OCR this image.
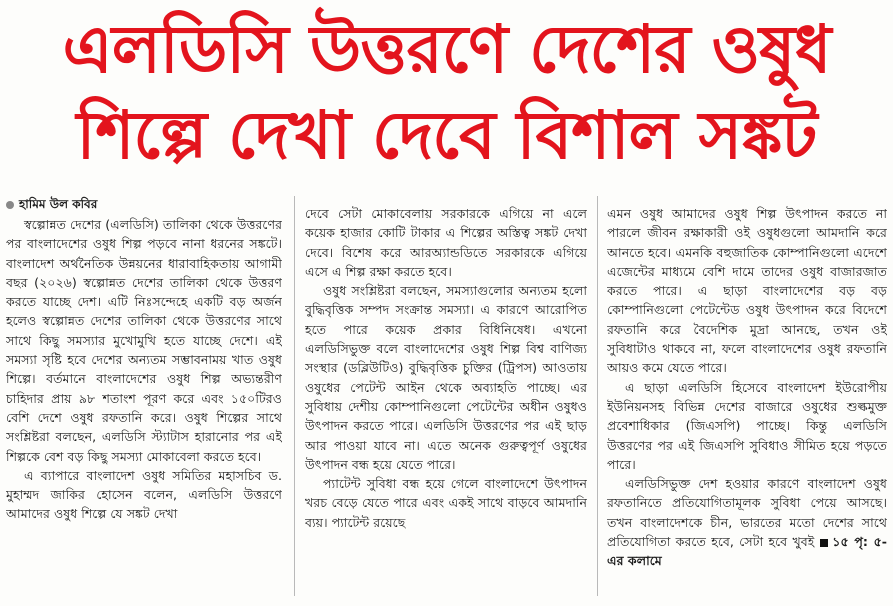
এলডিসি উত্তরণে দেশের ওষুধ
শিল্পে দেখা দেবে বিশাল সঙ্কট

হামিম উল কবির

স্বল্পোন্নত দেশের (এলডিসি) তালিকা থেকে উত্তরণের পর বাংলাদেশের ওষুধ শিল্প পড়বে নানা ধরনের সঙ্কটে। বাংলাদেশ অর্থনৈতিক উন্নয়নের ধারাবাহিকতায় আগামী বছর (২০২৬) স্বল্পোন্নত দেশের তালিকা থেকে উত্তরণ করতে যাচ্ছে দেশ। এটি নিঃসন্দেহে একটি বড় অর্জন হলেও স্বল্পোন্নত দেশের তালিকা থেকে উত্তরণের সাথে সাথে কিছু সমস্যার মুখোমুখি হতে যাচ্ছে দেশে। এই সমস্যা সৃষ্টি হবে দেশের অন্যতম সম্ভাবনাময় খাত ওষুধ শিল্পে। বর্তমানে বাংলাদেশের ওষুধ শিল্প অভ্যন্তরীণ চাহিদার প্রায় ৯৮ শতাংশ পূরণ করে এবং ১৫০টিরও বেশি দেশে ওষুধ রফতানি করে। ওষুধ শিল্পের সাথে সংশ্লিষ্টরা বলছেন, এলডিসি স্ট্যাটাস হারানোর পর এই শিল্পকে বেশ বড় কিছু সমস্যা মোকাবেলা করতে হবে।

এ ব্যাপারে বাংলাদেশ ওষুধ সমিতির মহাসচিব ড. মুহাম্মদ জাকির হোসেন বলেন, এলডিসি উত্তরণে আমাদের ওষুধ শিল্পে যে সঙ্কট দেখা

দেবে সেটা মোকাবেলায় সরকারকে এগিয়ে না এলে কয়েক হাজার কোটি টাকার এ শিল্পের অস্তিত্ব সঙ্কট দেখা দেবে। বিশেষ করে আরঅ্যান্ডডিতে সরকারকে এগিয়ে এসে এ শিল্প রক্ষা করতে হবে।

ওষুধ সংশ্লিষ্টরা বলছেন, সমস্যাগুলোর অন্যতম হলো বুদ্ধিবৃত্তিক সম্পদ সংক্রান্ত সমস্যা। এ কারণে আরোপিত হতে পারে কয়েক প্রকার বিধিনিষেধ। এখনো এলডিসিভুক্ত বলে বাংলাদেশের ওষুধ শিল্প বিশ্ব বাণিজ্য সংস্থার (ডব্লিউটিও) বুদ্ধিবৃত্তিক চুক্তির (ট্রিপস) আওতায় ওষুধের পেটেন্ট আইন থেকে অব্যাহতি পাচ্ছে। এর সুবিধায় দেশীয় কোম্পানিগুলো পেটেন্টের অধীন ওষুধও উৎপাদন করতে পারে। এলডিসি উত্তরণের পর এই ছাড় আর পাওয়া যাবে না। এতে অনেক গুরুত্বপূর্ণ ওষুধের উৎপাদন বন্ধ হয়ে যেতে পারে।

প্যাটেন্ট সুবিধা বন্ধ হয়ে গেলে বাংলাদেশে উৎপাদন খরচ বেড়ে যেতে পারে এবং একই সাথে বাড়বে আমদানি ব্যয়। প্যাটেন্ট রয়েছে

এমন ওষুধ আমাদের ওষুধ শিল্প উৎপাদন করতে না পারলে জীবন রক্ষাকারী ওই ওষুধগুলো আমদানি করে আনতে হবে। এমনকি বহুজাতিক কোম্পানিগুলো এদেশে এজেন্টের মাধ্যমে বেশি দামে তাদের ওষুধ বাজারজাত করতে পারে। এ ছাড়া বাংলাদেশের বড় বড় কোম্পানিগুলো পেটেন্টেড ওষুধ উৎপাদন করে বিদেশে রফতানি করে বৈদেশিক মুদ্রা আনছে, তখন ওই সুবিধাটাও থাকবে না, ফলে বাংলাদেশের ওষুধ রফতানি আয়ও কমে যেতে পারে।

এ ছাড়া এলডিসি হিসেবে বাংলাদেশ ইউরোপীয় ইউনিয়নসহ বিভিন্ন দেশের বাজারে ওষুধের শুল্কমুক্ত প্রবেশাধিকার (জিএসপি) পাচ্ছে। কিন্তু এলডিসি উত্তরণের পর এই জিএসপি সুবিধাও সীমিত হয়ে পড়তে পারে।

এলডিসিভুক্ত দেশ হওয়ার কারণে বাংলাদেশ ওষুধ রফতানিতে প্রতিযোগিতামূলক সুবিধা পেয়ে আসছে। তখন বাংলাদেশকে চীন, ভারতের মতো দেশের সাথে প্রতিযোগিতা করতে হবে, সেটা হবে খুবই ১৫ পৃ: ৫-এর কলামে
